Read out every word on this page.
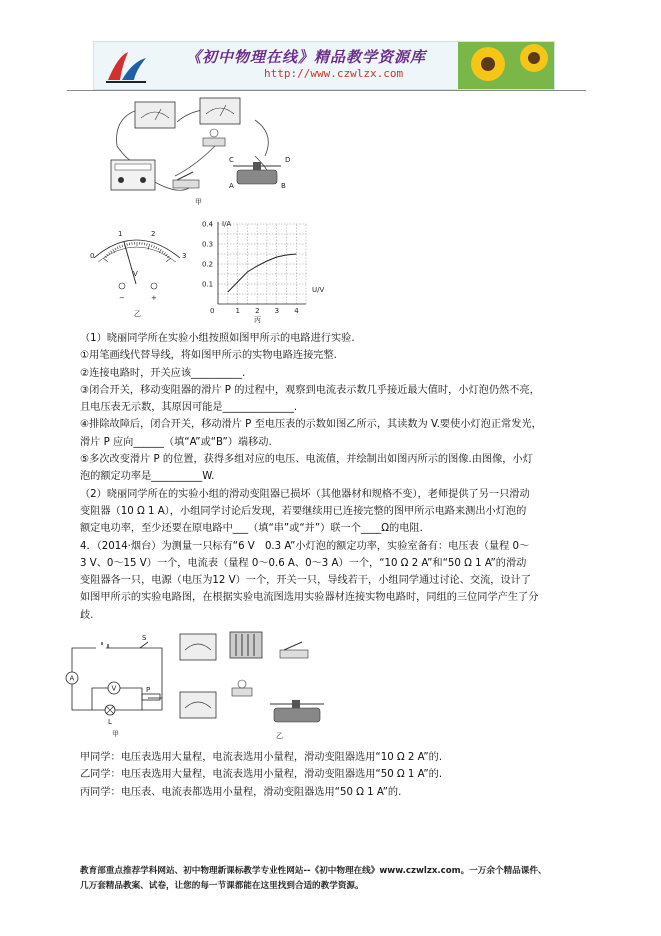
《初中物理在线》精品教学资源库
http://www.czwlzx.com
C	D
A	B
甲
0
1	2
3
V
−	+
乙
I/A
U/V
0.4
0.3
0.2
0.1
0	1 2 3 4
丙

（1）晓丽同学所在实验小组按照如图甲所示的电路进行实验.

①用笔画线代替导线，将如图甲所示的实物电路连接完整.

②连接电路时，开关应该__________.

③闭合开关，移动变阻器的滑片 P 的过程中，观察到电流表示数几乎接近最大值时，小灯泡仍然不亮，

且电压表无示数，其原因可能是______________.

④排除故障后，闭合开关，移动滑片 P 至电压表的示数如图乙所示，其读数为 V.要使小灯泡正常发光，

滑片 P 应向______（填“A”或“B”）端移动.

⑤多次改变滑片 P 的位置，获得多组对应的电压、电流值，并绘制出如图丙所示的图像.由图像，小灯

泡的额定功率是__________W.

（2）晓丽同学所在的实验小组的滑动变阻器已损坏（其他器材和规格不变），老师提供了另一只滑动

变阻器（10 Ω 1 A），小组同学讨论后发现，若要继续用已连接完整的图甲所示电路来测出小灯泡的

额定电功率，至少还要在原电路中___（填“串”或“并”）联一个____Ω的电阻.

4．（2014·烟台）为测量一只标有“6 V　0.3 A”小灯泡的额定功率，实验室备有：电压表（量程 0～

3 V、0～15 V）一个，电流表（量程 0～0.6 A、0～3 A）一个，“10 Ω 2 A”和“50 Ω 1 A”的滑动

变阻器各一只，电源（电压为12 V）一个，开关一只，导线若干，小组同学通过讨论、交流，设计了

如图甲所示的实验电路图，在根据实验电流图选用实验器材连接实物电路时，同组的三位同学产生了分

歧.

A
V
L
S
P
甲	乙

甲同学：电压表选用大量程，电流表选用小量程，滑动变阻器选用“10 Ω 2 A”的.

乙同学：电压表选用大量程，电流表选用小量程，滑动变阻器选用“50 Ω 1 A”的.

丙同学：电压表、电流表都选用小量程，滑动变阻器选用“50 Ω 1 A”的.

教育部重点推荐学科网站、初中物理新课标教学专业性网站--《初中物理在线》www.czwlzx.com。一万余个精品课件、
几万套精品教案、试卷，让您的每一节课都能在这里找到合适的教学资源。
